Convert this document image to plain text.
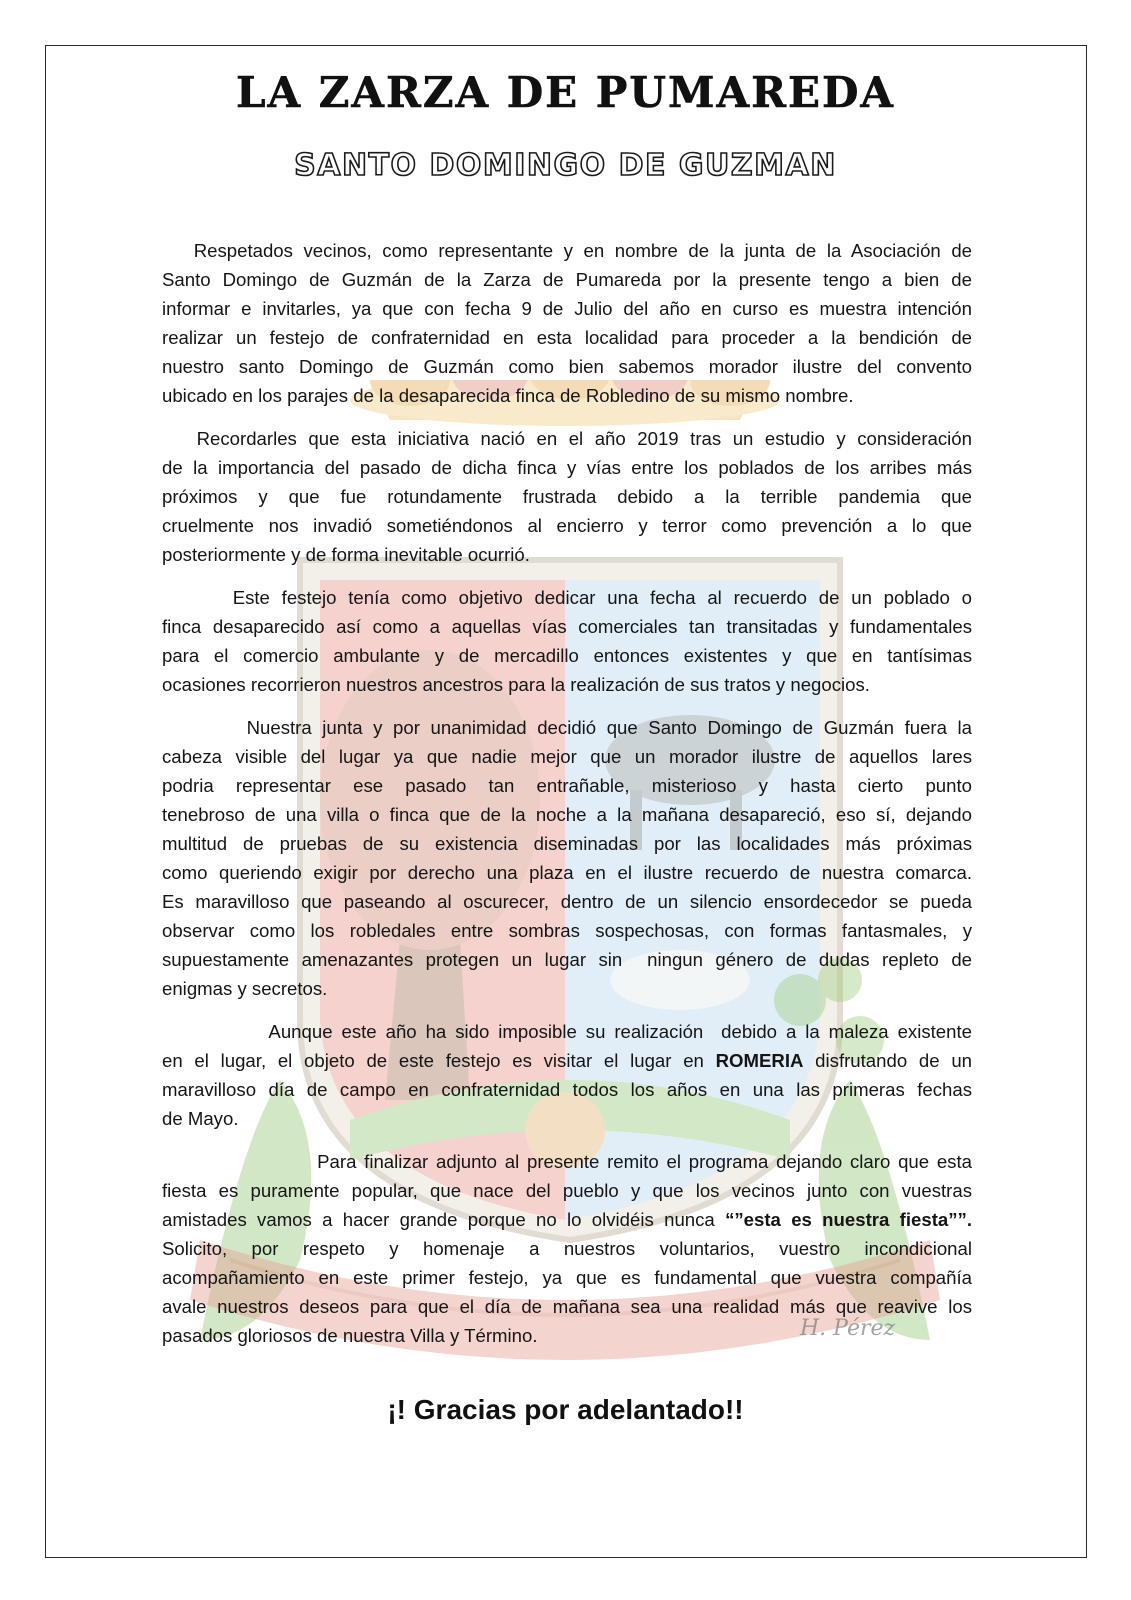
LA ZARZA DE PUMAREDA
SANTO DOMINGO DE GUZMAN
H. Pérez
Respetados vecinos, como representante y en nombre de la junta de la Asociación de
Santo Domingo de Guzmán de la Zarza de Pumareda por la presente tengo a bien de
informar e invitarles, ya que con fecha 9 de Julio del año en curso es muestra intención
realizar un festejo de confraternidad en esta localidad para proceder a la bendición de
nuestro santo Domingo de Guzmán como bien sabemos morador ilustre del convento
ubicado en los parajes de la desaparecida finca de Robledino de su mismo nombre.
Recordarles que esta iniciativa nació en el año 2019 tras un estudio y consideración
de la importancia del pasado de dicha finca y vías entre los poblados de los arribes más
próximos y que fue rotundamente frustrada debido a la terrible pandemia que
cruelmente nos invadió sometiéndonos al encierro y terror como prevención a lo que
posteriormente y de forma inevitable ocurrió.
Este festejo tenía como objetivo dedicar una fecha al recuerdo de un poblado o
finca desaparecido así como a aquellas vías comerciales tan transitadas y fundamentales
para el comercio ambulante y de mercadillo entonces existentes y que en tantísimas
ocasiones recorrieron nuestros ancestros para la realización de sus tratos y negocios.
Nuestra junta y por unanimidad decidió que Santo Domingo de Guzmán fuera la
cabeza visible del lugar ya que nadie mejor que un morador ilustre de aquellos lares
podria representar ese pasado tan entrañable, misterioso y hasta cierto punto
tenebroso de una villa o finca que de la noche a la mañana desapareció, eso sí, dejando
multitud de pruebas de su existencia diseminadas por las localidades más próximas
como queriendo exigir por derecho una plaza en el ilustre recuerdo de nuestra comarca.
Es maravilloso que paseando al oscurecer, dentro de un silencio ensordecedor se pueda
observar como los robledales entre sombras sospechosas, con formas fantasmales, y
supuestamente amenazantes protegen un lugar sin  ningun género de dudas repleto de
enigmas y secretos.
Aunque este año ha sido imposible su realización  debido a la maleza existente
en el lugar, el objeto de este festejo es visitar el lugar en ROMERIA disfrutando de un
maravilloso día de campo en confraternidad todos los años en una las primeras fechas
de Mayo.
Para finalizar adjunto al presente remito el programa dejando claro que esta
fiesta es puramente popular, que nace del pueblo y que los vecinos junto con vuestras
amistades vamos a hacer grande porque no lo olvidéis nunca “”esta es nuestra fiesta””.
Solicito, por respeto y homenaje a nuestros voluntarios, vuestro incondicional
acompañamiento en este primer festejo, ya que es fundamental que vuestra compañía
avale nuestros deseos para que el día de mañana sea una realidad más que reavive los
pasados gloriosos de nuestra Villa y Término.
¡! Gracias por adelantado!!
